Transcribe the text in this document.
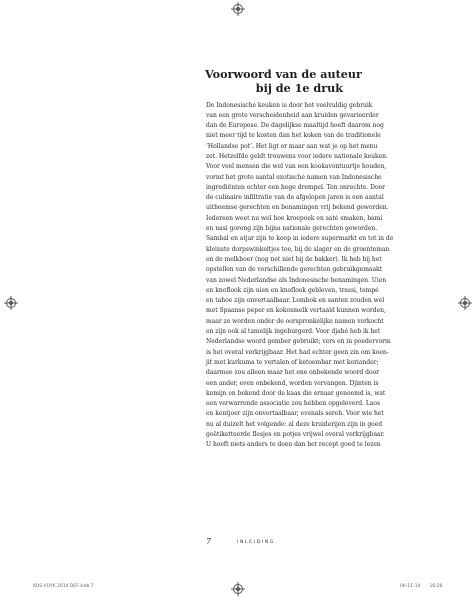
Voorwoord van de auteur
bij de 1e druk
De Indonesische keuken is door het veelvuldig gebruik
van een grote verscheidenheid aan kruiden gevarieerder
dan de Europese. De dagelijkse maaltijd hoeft daarom nog
niet meer tijd te kosten dan het koken van de traditionele
‘Hollandse pot’. Het ligt er maar aan wat je op het menu
zet. Hetzelfde geldt trouwens voor iedere nationale keuken.
Voor veel mensen die wel van een kookavontuurtje houden,
vormt het grote aantal exotische namen van Indonesische
ingrediënten echter een hoge drempel. Ten onrechte. Door
de culinaire infiltratie van de afgelopen jaren is een aantal
uitheemse gerechten en benamingen vrij bekend geworden.
Iedereen weet nu wel hoe kroepoek en saté smaken, bami
en nasi goreng zijn bijna nationale gerechten geworden.
Sambal en atjar zijn te koop in iedere supermarkt en tot in de
kleinste dorpswinkeltjes toe, bij de slager en de groenteman
en de melkboer (nog net niet bij de bakker). Ik heb bij het
opstellen van de verschillende gerechten gebruikgemaakt
van zowel Nederlandse als Indonesische benamingen. Uien
en knoflook zijn uien en knoflook gebleven, trassi, tempé
en tahoe zijn onvertaalbaar. Lombok en santen zouden wel
met Spaanse peper en kokosmelk vertaald kunnen worden,
maar ze worden onder de oorspronkelijke namen verkocht
en zijn ook al tamelijk ingeburgerd. Voor djahé heb ik het
Nederlandse woord gember gebruikt; vers en in poedervorm
is het overal verkrijgbaar. Het had echter geen zin om koen-
jit met kurkuma te vertalen of ketoembar met koriander;
daarmee zou alleen maar het ene onbekende woord door
een ander, even onbekend, worden vervangen. Djinten is
komijn en bekend door de kaas die ernaar genoemd is, wat
een verwarrende associatie zou hebben opgeleverd. Laos
en kentjoer zijn onvertaalbaar, evenals sereh. Voor wie het
nu al duizelt het volgende: al deze kruiderijen zijn in goed
geëtiketteerde flesjes en potjes vrijwel overal verkrijgbaar.
U hoeft niets anders te doen dan het recept goed te lezen
7	INLEIDING
KOS VUYK 2014 DEF.indb 7	06-11-14 16:26
